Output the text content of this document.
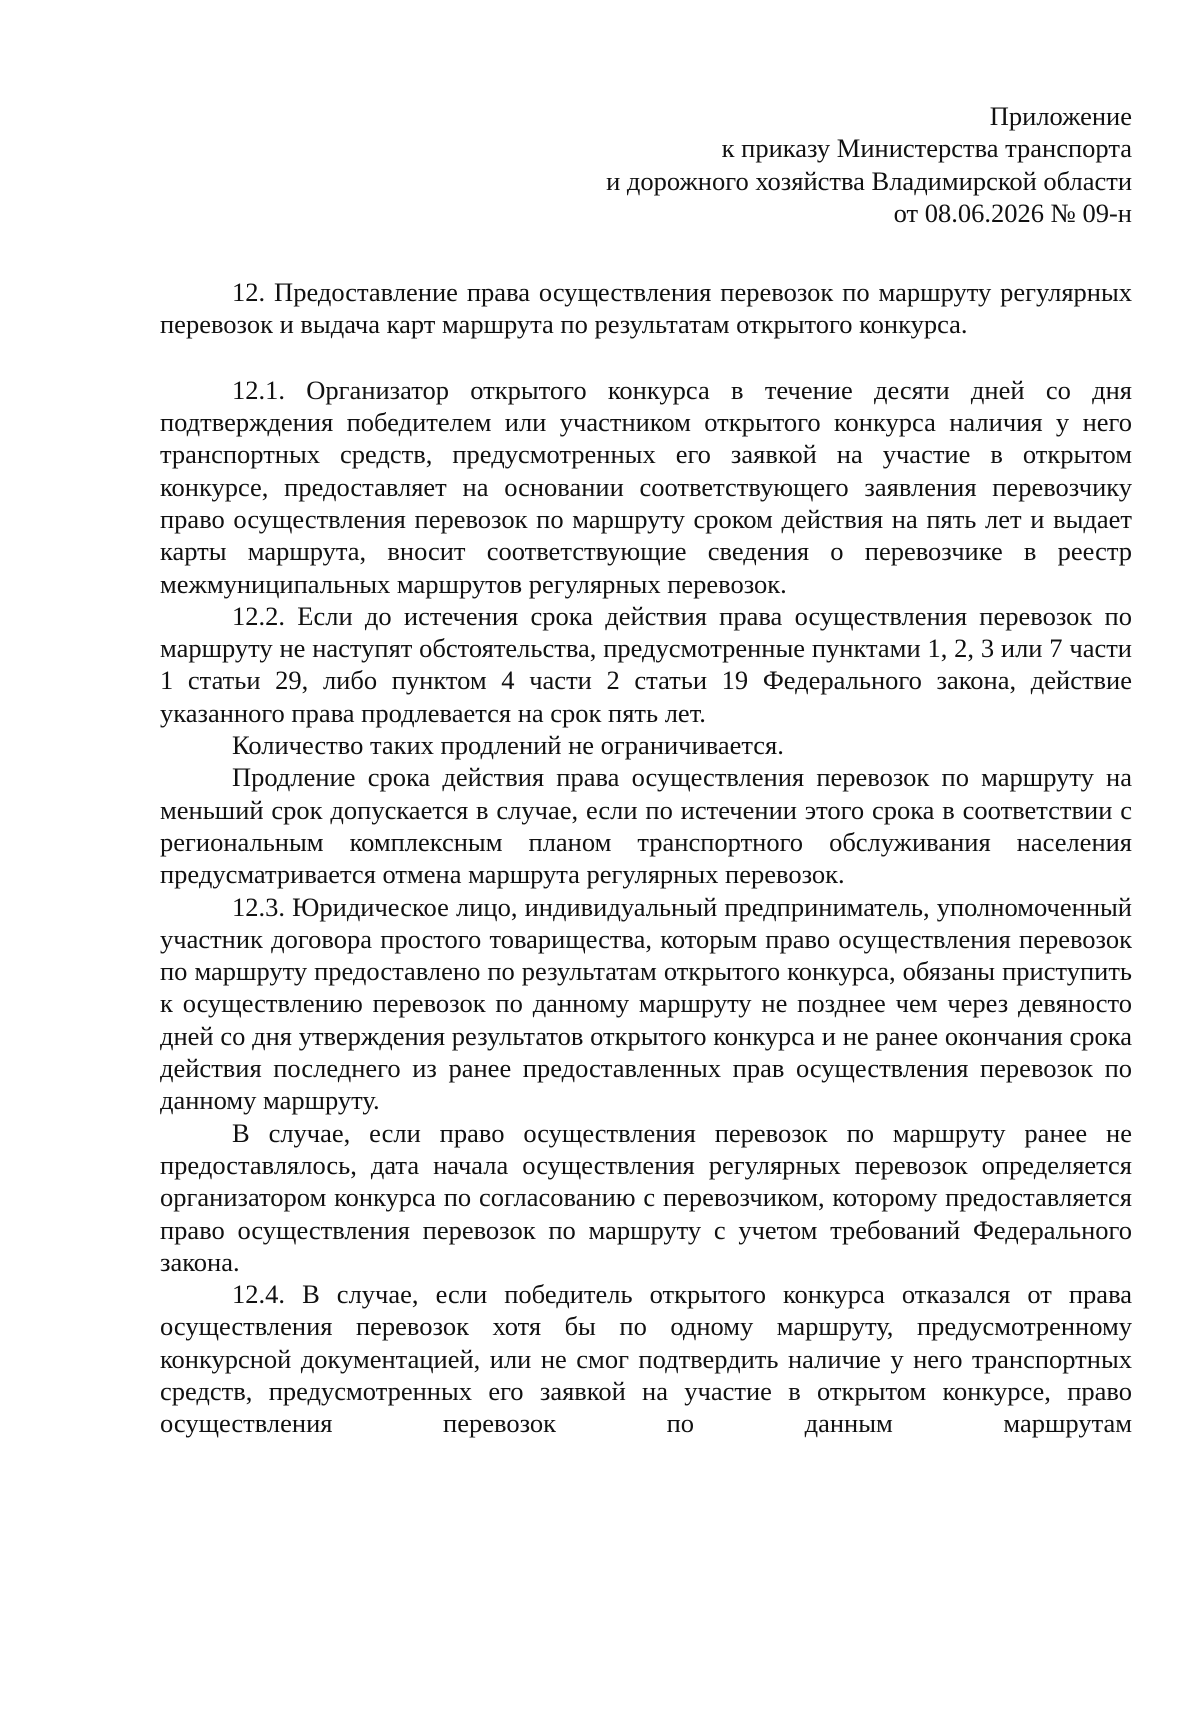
Приложение
к приказу Министерства транспорта
и дорожного хозяйства Владимирской области
от 08.06.2026 № 09-н

12. Предоставление права осуществления перевозок по маршруту регулярных перевозок и выдача карт маршрута по результатам открытого конкурса.

12.1. Организатор открытого конкурса в течение десяти дней со дня подтверждения победителем или участником открытого конкурса наличия у него транспортных средств, предусмотренных его заявкой на участие в открытом конкурсе, предоставляет на основании соответствующего заявления перевозчику право осуществления перевозок по маршруту сроком действия на пять лет и выдает карты маршрута, вносит соответствующие сведения о перевозчике в реестр межмуниципальных маршрутов регулярных перевозок.

12.2. Если до истечения срока действия права осуществления перевозок по маршруту не наступят обстоятельства, предусмотренные пунктами 1, 2, 3 или 7 части 1 статьи 29, либо пунктом 4 части 2 статьи 19 Федерального закона, действие указанного права продлевается на срок пять лет.

Количество таких продлений не ограничивается.

Продление срока действия права осуществления перевозок по маршруту на меньший срок допускается в случае, если по истечении этого срока в соответствии с региональным комплексным планом транспортного обслуживания населения предусматривается отмена маршрута регулярных перевозок.

12.3. Юридическое лицо, индивидуальный предприниматель, уполномоченный участник договора простого товарищества, которым право осуществления перевозок по маршруту предоставлено по результатам открытого конкурса, обязаны приступить к осуществлению перевозок по данному маршруту не позднее чем через девяносто дней со дня утверждения результатов открытого конкурса и не ранее окончания срока действия последнего из ранее предоставленных прав осуществления перевозок по данному маршруту.

В случае, если право осуществления перевозок по маршруту ранее не предоставлялось, дата начала осуществления регулярных перевозок определяется организатором конкурса по согласованию с перевозчиком, которому предоставляется право осуществления перевозок по маршруту с учетом требований Федерального закона.

12.4. В случае, если победитель открытого конкурса отказался от права осуществления перевозок хотя бы по одному маршруту, предусмотренному конкурсной документацией, или не смог подтвердить наличие у него транспортных средств, предусмотренных его заявкой на участие в открытом конкурсе, право осуществления перевозок по данным маршрутам
